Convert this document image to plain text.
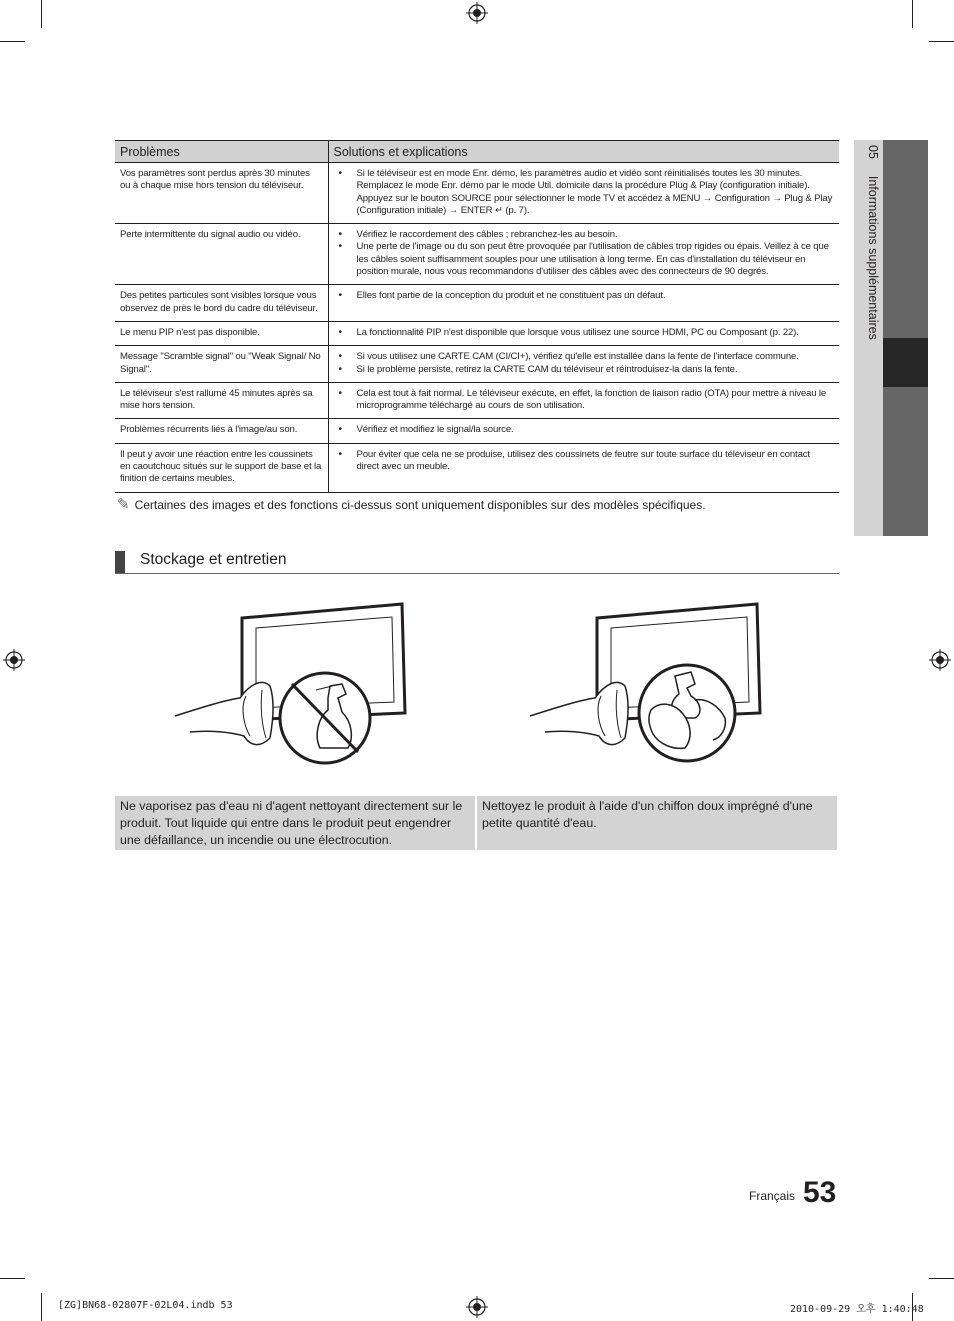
05  Informations supplémentaires
Problèmes	Solutions et explications
Vos paramètres sont perdus après 30 minutes ou à chaque mise hors tension du téléviseur.	• Si le téléviseur est en mode Enr. démo, les paramètres audio et vidéo sont réinitialisés toutes les 30 minutes. Remplacez le mode Enr. démo par le mode Util. domicile dans la procédure Plug & Play (configuration initiale). Appuyez sur le bouton SOURCE pour sélectionner le mode TV et accédez à MENU → Configuration → Plug & Play (Configuration initiale) → ENTER ↵ (p. 7).

Perte intermittente du signal audio ou vidéo.	• Vérifiez le raccordement des câbles ; rebranchez-les au besoin.
• Une perte de l'image ou du son peut être provoquée par l'utilisation de câbles trop rigides ou épais. Veillez à ce que les câbles soient suffisamment souples pour une utilisation à long terme. En cas d'installation du téléviseur en position murale, nous vous recommandons d'utiliser des câbles avec des connecteurs de 90 degrés.

Des petites particules sont visibles lorsque vous observez de près le bord du cadre du téléviseur.	• Elles font partie de la conception du produit et ne constituent pas un défaut.

Le menu PIP n'est pas disponible.	• La fonctionnalité PIP n'est disponible que lorsque vous utilisez une source HDMI, PC ou Composant (p. 22).

Message "Scramble signal" ou "Weak Signal/ No Signal".	• Si vous utilisez une CARTE CAM (CI/CI+), vérifiez qu'elle est installée dans la fente de l'interface commune.
• Si le problème persiste, retirez la CARTE CAM du téléviseur et réintroduisez-la dans la fente.

Le téléviseur s'est rallumé 45 minutes après sa mise hors tension.	• Cela est tout à fait normal. Le téléviseur exécute, en effet, la fonction de liaison radio (OTA) pour mettre à niveau le microprogramme téléchargé au cours de son utilisation.

Problèmes récurrents liés à l'image/au son.	• Vérifiez et modifiez le signal/la source.

Il peut y avoir une réaction entre les coussinets en caoutchouc situés sur le support de base et la finition de certains meubles.	• Pour éviter que cela ne se produise, utilisez des coussinets de feutre sur toute surface du téléviseur en contact direct avec un meuble.
✎ Certaines des images et des fonctions ci-dessus sont uniquement disponibles sur des modèles spécifiques.
Stockage et entretien
Ne vaporisez pas d'eau ni d'agent nettoyant directement sur le produit. Tout liquide qui entre dans le produit peut engendrer une défaillance, un incendie ou une électrocution.
Nettoyez le produit à l'aide d'un chiffon doux imprégné d'une petite quantité d'eau.
Français 53
[ZG]BN68-02807F-02L04.indb 53	2010-09-29 오후 1:40:48
